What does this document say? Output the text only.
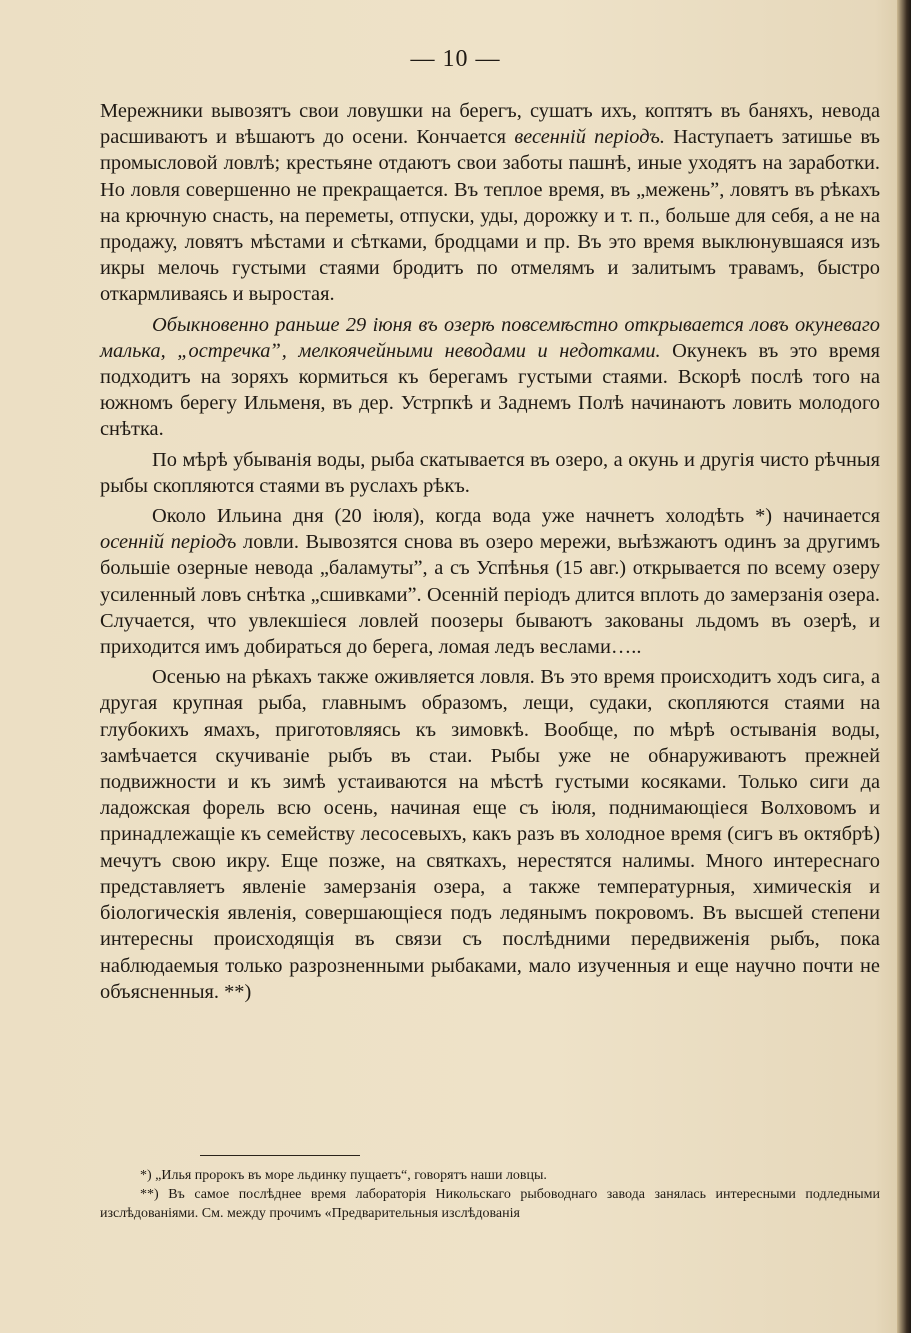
— 10 —

Мережники вывозятъ свои ловушки на берегъ, сушатъ ихъ, коптятъ въ баняхъ, невода расшиваютъ и вѣшаютъ до осени. Кончается весенній періодъ. Наступаетъ затишье въ промысловой ловлѣ; крестьяне отдаютъ свои заботы пашнѣ, иные уходятъ на заработки. Но ловля совершенно не прекращается. Въ теплое время, въ „меженьˮ, ловятъ въ рѣкахъ на крючную снасть, на переметы, отпуски, уды, дорожку и т. п., больше для себя, а не на продажу, ловятъ мѣстами и сѣтками, бродцами и пр. Въ это время выклюнувшаяся изъ икры мелочь густыми стаями бродитъ по отмелямъ и залитымъ травамъ, быстро откармливаясь и выростая.

Обыкновенно раньше 29 іюня въ озерѣ повсемѣстно открывается ловъ окуневаго малька, „остречкаˮ, мелкоячейными неводами и недотками. Окунекъ въ это время подходитъ на зоряхъ кормиться къ берегамъ густыми стаями. Вскорѣ послѣ того на южномъ берегу Ильменя, въ дер. Устрпкѣ и Заднемъ Полѣ начинаютъ ловить молодого снѣтка.

По мѣрѣ убыванія воды, рыба скатывается въ озеро, а окунь и другія чисто рѣчныя рыбы скопляются стаями въ руслахъ рѣкъ.

Около Ильина дня (20 іюля), когда вода уже начнетъ холодѣть *) начинается осенній періодъ ловли. Вывозятся снова въ озеро мережи, выѣзжаютъ одинъ за другимъ большіе озерные невода „баламутыˮ, а съ Успѣнья (15 авг.) открывается по всему озеру усиленный ловъ снѣтка „сшивкамиˮ. Осенній періодъ длится вплоть до замерзанія озера. Случается, что увлекшіеся ловлей поозеры бываютъ закованы льдомъ въ озерѣ, и приходится имъ добираться до берега, ломая ледъ веслами…..

Осенью на рѣкахъ также оживляется ловля. Въ это время происходитъ ходъ сига, а другая крупная рыба, главнымъ образомъ, лещи, судаки, скопляются стаями на глубокихъ ямахъ, приготовляясь къ зимовкѣ. Вообще, по мѣрѣ остыванія воды, замѣчается скучиваніе рыбъ въ стаи. Рыбы уже не обнаруживаютъ прежней подвижности и къ зимѣ устаиваются на мѣстѣ густыми косяками. Только сиги да ладожская форель всю осень, начиная еще съ іюля, поднимающіеся Волховомъ и принадлежащіе къ семейству лесосевыхъ, какъ разъ въ холодное время (сигъ въ октябрѣ) мечутъ свою икру. Еще позже, на святкахъ, нерестятся налимы. Много интереснаго представляетъ явленіе замерзанія озера, а также температурныя, химическія и біологическія явленія, совершающіеся подъ ледянымъ покровомъ. Въ высшей степени интересны происходящія въ связи съ послѣдними передвиженія рыбъ, пока наблюдаемыя только разрозненными рыбаками, мало изученныя и еще научно почти не объясненныя. **)

*) „Илья пророкъ въ море льдинку пущаетъ“, говорятъ наши ловцы.

**) Въ самое послѣднее время лабораторія Никольскаго рыбоводнаго завода занялась интересными подледными изслѣдованіями. См. между прочимъ «Предварительныя изслѣдованія
